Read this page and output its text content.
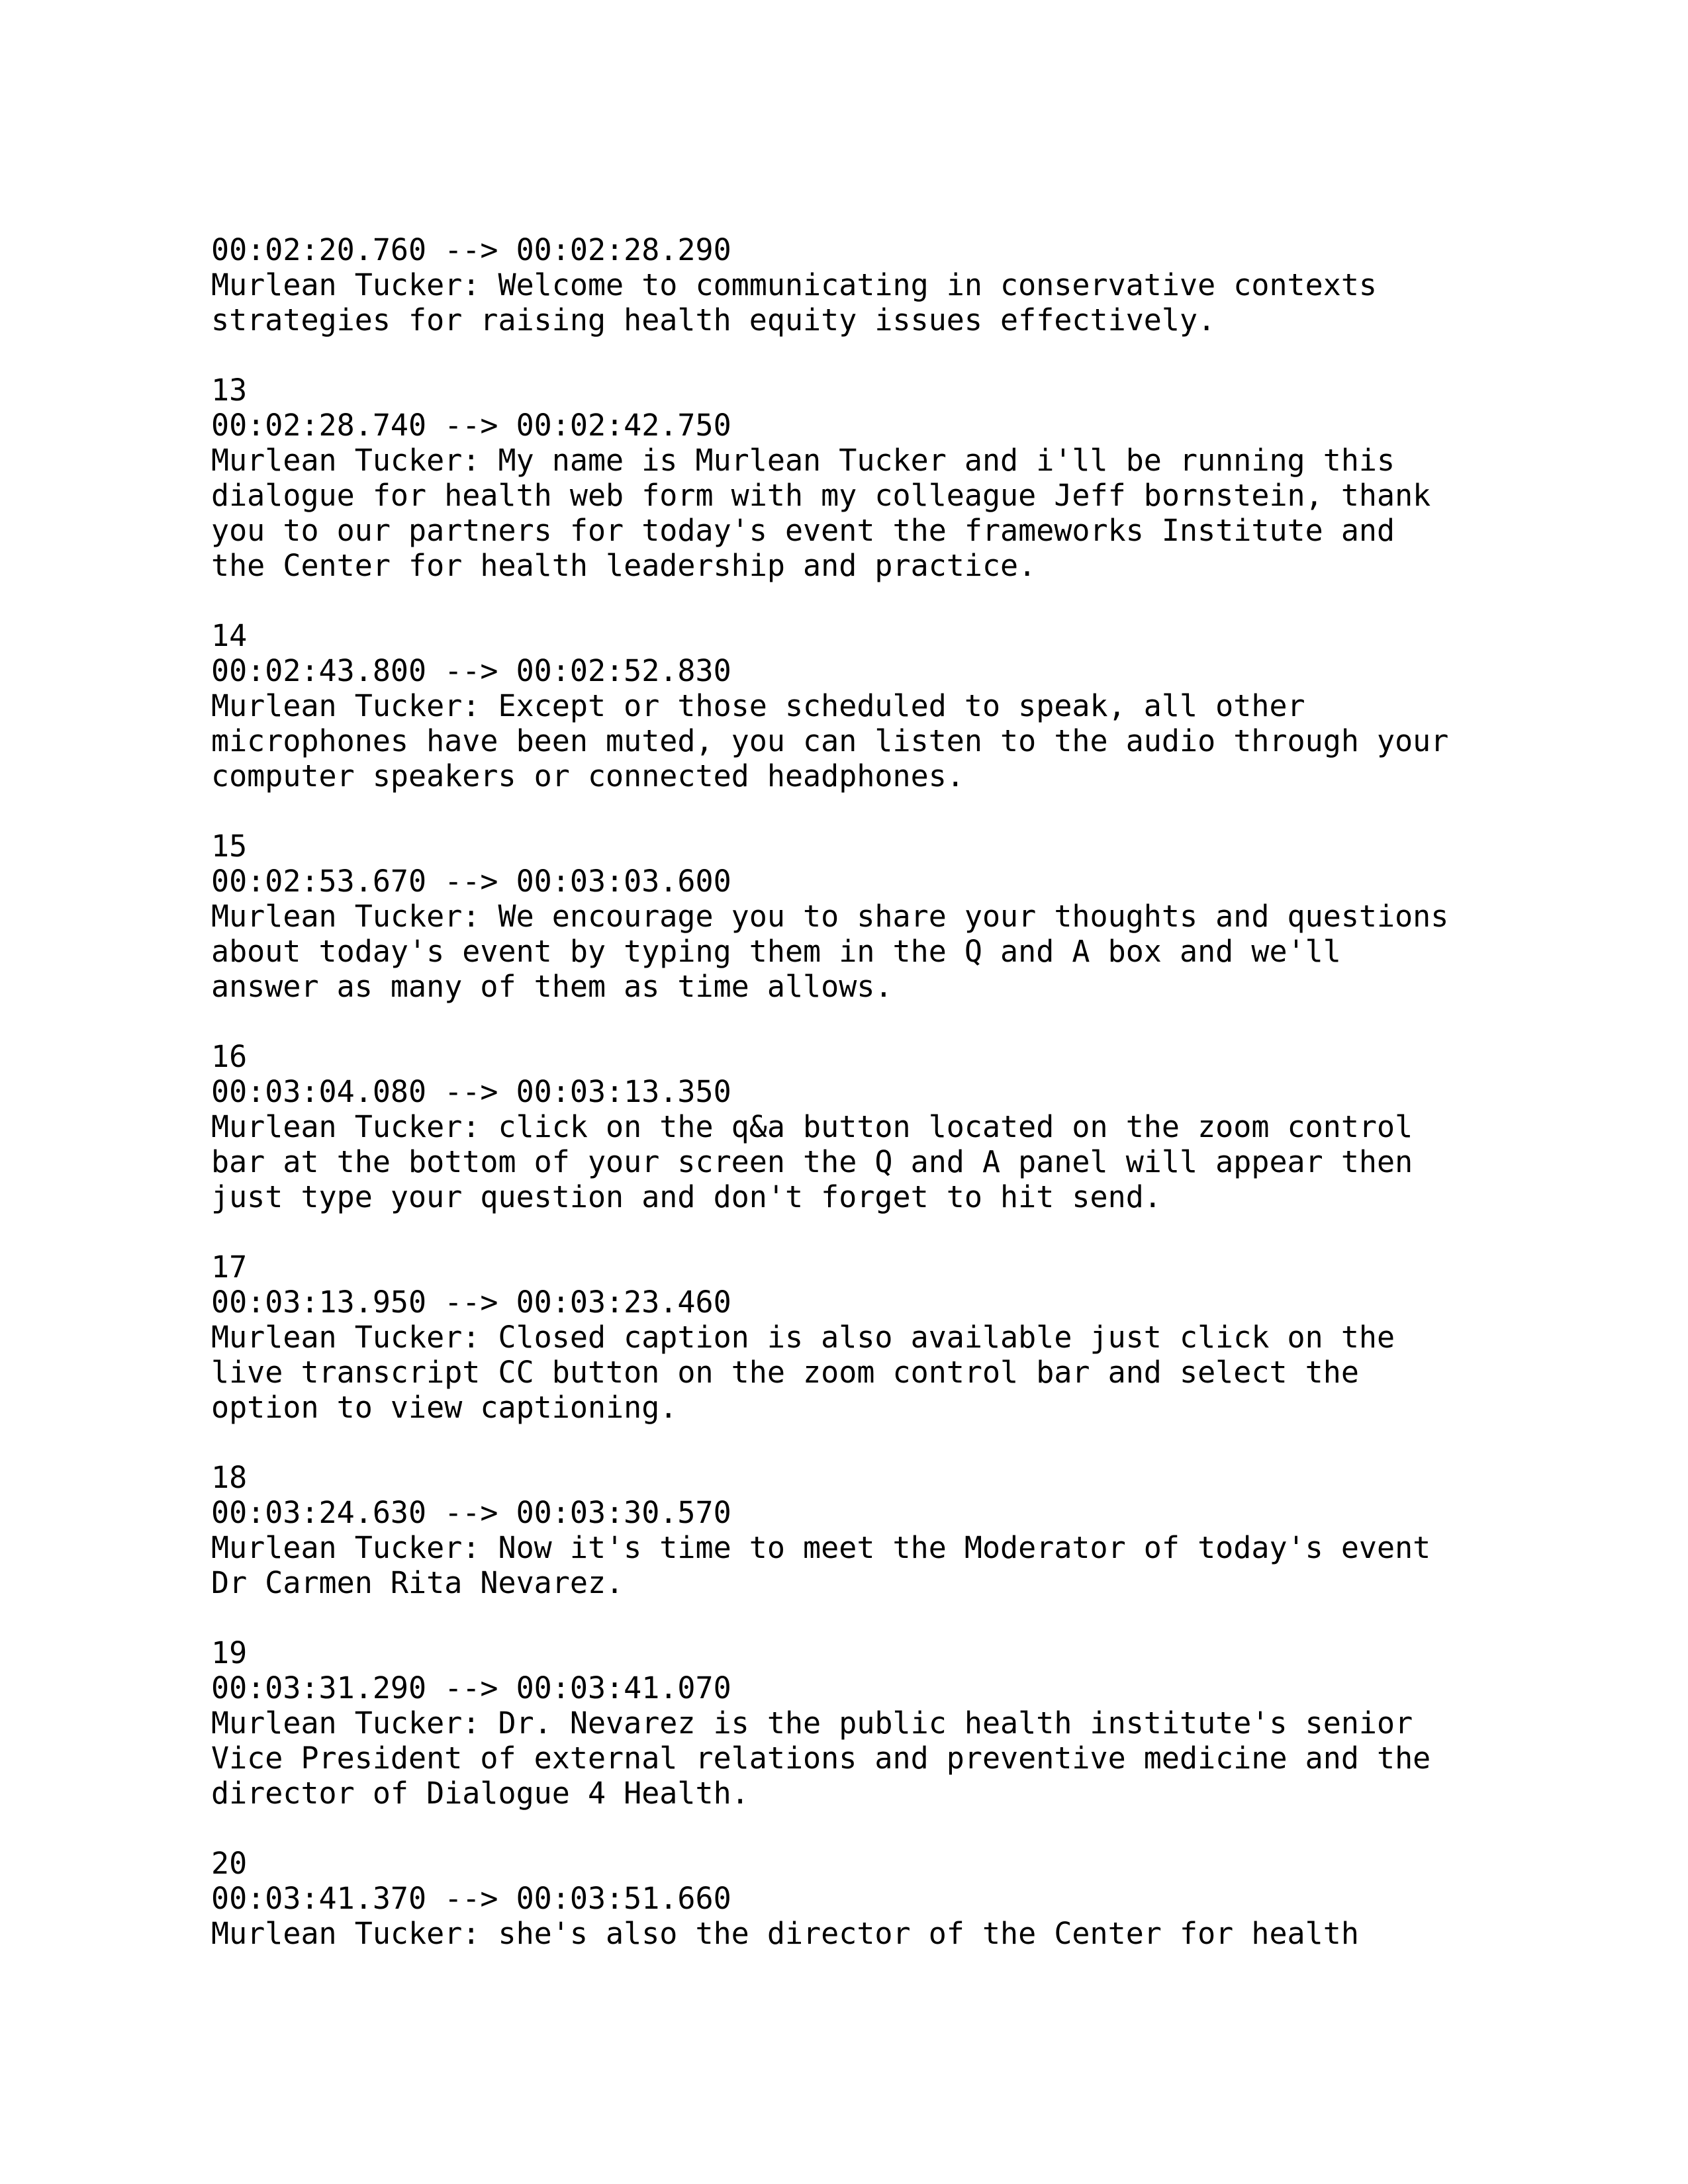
00:02:20.760 --> 00:02:28.290
Murlean Tucker: Welcome to communicating in conservative contexts
strategies for raising health equity issues effectively.
13
00:02:28.740 --> 00:02:42.750
Murlean Tucker: My name is Murlean Tucker and i'll be running this
dialogue for health web form with my colleague Jeff bornstein, thank
you to our partners for today's event the frameworks Institute and
the Center for health leadership and practice.
14
00:02:43.800 --> 00:02:52.830
Murlean Tucker: Except or those scheduled to speak, all other
microphones have been muted, you can listen to the audio through your
computer speakers or connected headphones.
15
00:02:53.670 --> 00:03:03.600
Murlean Tucker: We encourage you to share your thoughts and questions
about today's event by typing them in the Q and A box and we'll
answer as many of them as time allows.
16
00:03:04.080 --> 00:03:13.350
Murlean Tucker: click on the q&a button located on the zoom control
bar at the bottom of your screen the Q and A panel will appear then
just type your question and don't forget to hit send.
17
00:03:13.950 --> 00:03:23.460
Murlean Tucker: Closed caption is also available just click on the
live transcript CC button on the zoom control bar and select the
option to view captioning.
18
00:03:24.630 --> 00:03:30.570
Murlean Tucker: Now it's time to meet the Moderator of today's event
Dr Carmen Rita Nevarez.
19
00:03:31.290 --> 00:03:41.070
Murlean Tucker: Dr. Nevarez is the public health institute's senior
Vice President of external relations and preventive medicine and the
director of Dialogue 4 Health.
20
00:03:41.370 --> 00:03:51.660
Murlean Tucker: she's also the director of the Center for health
